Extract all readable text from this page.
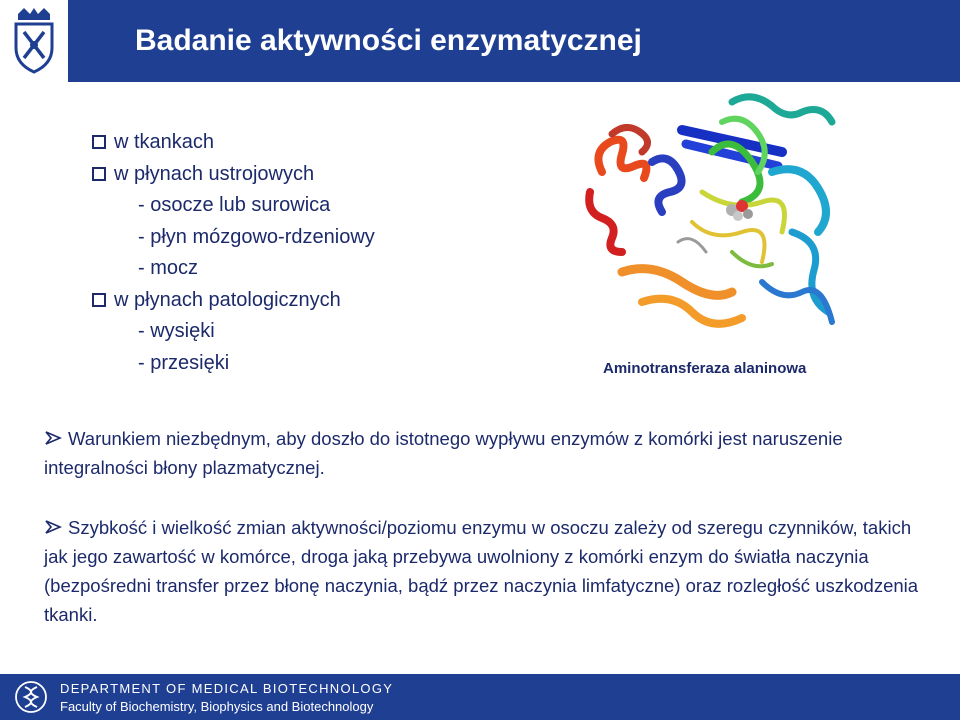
Badanie aktywności enzymatycznej
w tkankach
w płynach ustrojowych
- osocze lub surowica
- płyn mózgowo-rdzeniowy
- mocz
w płynach patologicznych
- wysięki
- przesięki	Aminotransferaza alaninowa
Warunkiem niezbędnym, aby doszło do istotnego wypływu enzymów z komórki jest naruszenie integralności błony plazmatycznej.
Szybkość i wielkość zmian aktywności/poziomu enzymu w osoczu zależy od szeregu czynników, takich jak jego zawartość w komórce, droga jaką przebywa uwolniony z komórki enzym do światła naczynia (bezpośredni transfer przez błonę naczynia, bądź przez naczynia limfatyczne) oraz rozległość uszkodzenia tkanki.
DEPARTMENT OF MEDICAL BIOTECHNOLOGY
Faculty of Biochemistry, Biophysics and Biotechnology
